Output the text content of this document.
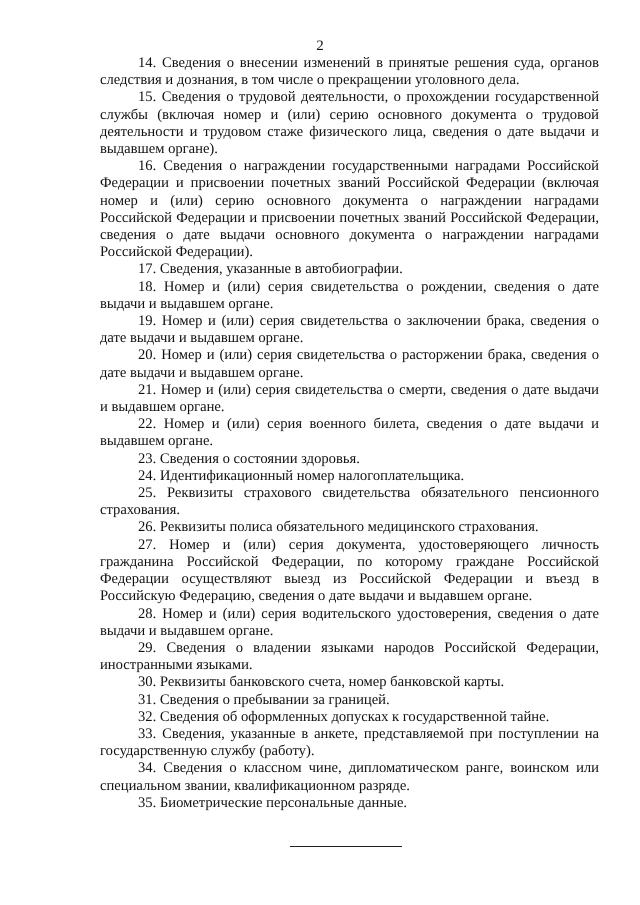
2

14. Сведения о внесении изменений в принятые решения суда, органов следствия и дознания, в том числе о прекращении уголовного дела.

15. Сведения о трудовой деятельности, о прохождении государственной службы (включая номер и (или) серию основного документа о трудовой деятельности и трудовом стаже физического лица, сведения о дате выдачи и выдавшем органе).

16. Сведения о награждении государственными наградами Российской Федерации и присвоении почетных званий Российской Федерации (включая номер и (или) серию основного документа о награждении наградами Российской Федерации и присвоении почетных званий Российской Федерации, сведения о дате выдачи основного документа о награждении наградами Российской Федерации).

17. Сведения, указанные в автобиографии.

18. Номер и (или) серия свидетельства о рождении, сведения о дате выдачи и выдавшем органе.

19. Номер и (или) серия свидетельства о заключении брака, сведения о дате выдачи и выдавшем органе.

20. Номер и (или) серия свидетельства о расторжении брака, сведения о дате выдачи и выдавшем органе.

21. Номер и (или) серия свидетельства о смерти, сведения о дате выдачи и выдавшем органе.

22. Номер и (или) серия военного билета, сведения о дате выдачи и выдавшем органе.

23. Сведения о состоянии здоровья.

24. Идентификационный номер налогоплательщика.

25. Реквизиты страхового свидетельства обязательного пенсионного страхования.

26. Реквизиты полиса обязательного медицинского страхования.

27. Номер и (или) серия документа, удостоверяющего личность гражданина Российской Федерации, по которому граждане Российской Федерации осуществляют выезд из Российской Федерации и въезд в Российскую Федерацию, сведения о дате выдачи и выдавшем органе.

28. Номер и (или) серия водительского удостоверения, сведения о дате выдачи и выдавшем органе.

29. Сведения о владении языками народов Российской Федерации, иностранными языками.

30. Реквизиты банковского счета, номер банковской карты.

31. Сведения о пребывании за границей.

32. Сведения об оформленных допусках к государственной тайне.

33. Сведения, указанные в анкете, представляемой при поступлении на государственную службу (работу).

34. Сведения о классном чине, дипломатическом ранге, воинском или специальном звании, квалификационном разряде.

35. Биометрические персональные данные.
